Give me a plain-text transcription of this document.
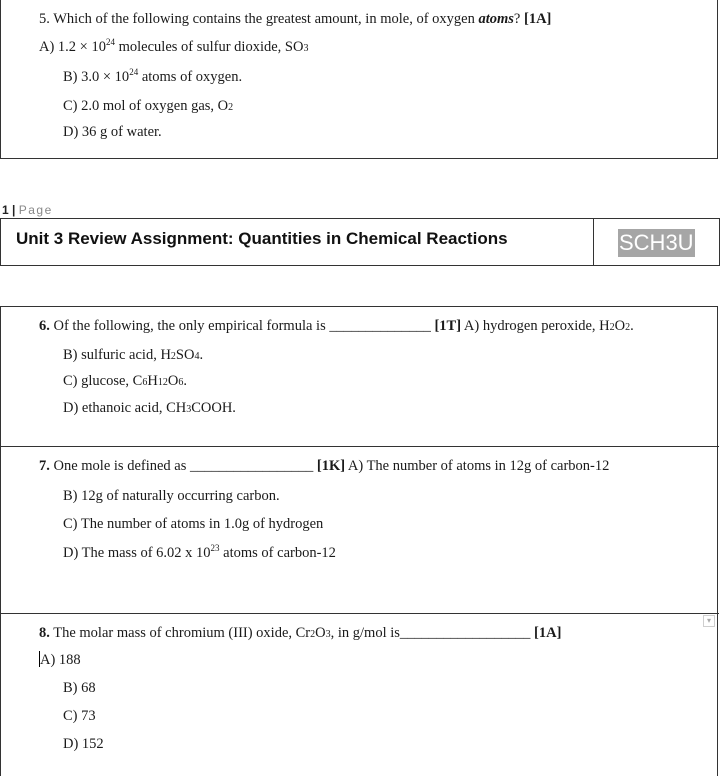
5. Which of the following contains the greatest amount, in mole, of oxygen atoms? [1A]
A) $1.2 \times 10^{24}$ molecules of sulfur dioxide, SO3
B) $3.0 \times 10^{24}$ atoms of oxygen.
C) 2.0 mol of oxygen gas, O2
D) 36 g of water.
1 | Page
Unit 3 Review Assignment: Quantities in Chemical Reactions	SCH3U
6. Of the following, the only empirical formula is ______________ [1T] A) hydrogen peroxide, H2O2.
B) sulfuric acid, H2SO4.
C) glucose, C6H12O6.
D) ethanoic acid, CH3COOH.
7. One mole is defined as _________________ [1K] A) The number of atoms in 12g of carbon-12
B) 12g of naturally occurring carbon.
C) The number of atoms in 1.0g of hydrogen
D) The mass of 6.02 x $10^{23}$ atoms of carbon-12
8. The molar mass of chromium (III) oxide, Cr2O3, in g/mol is__________________ [1A]
A) 188
B) 68
C) 73
D) 152
▾
